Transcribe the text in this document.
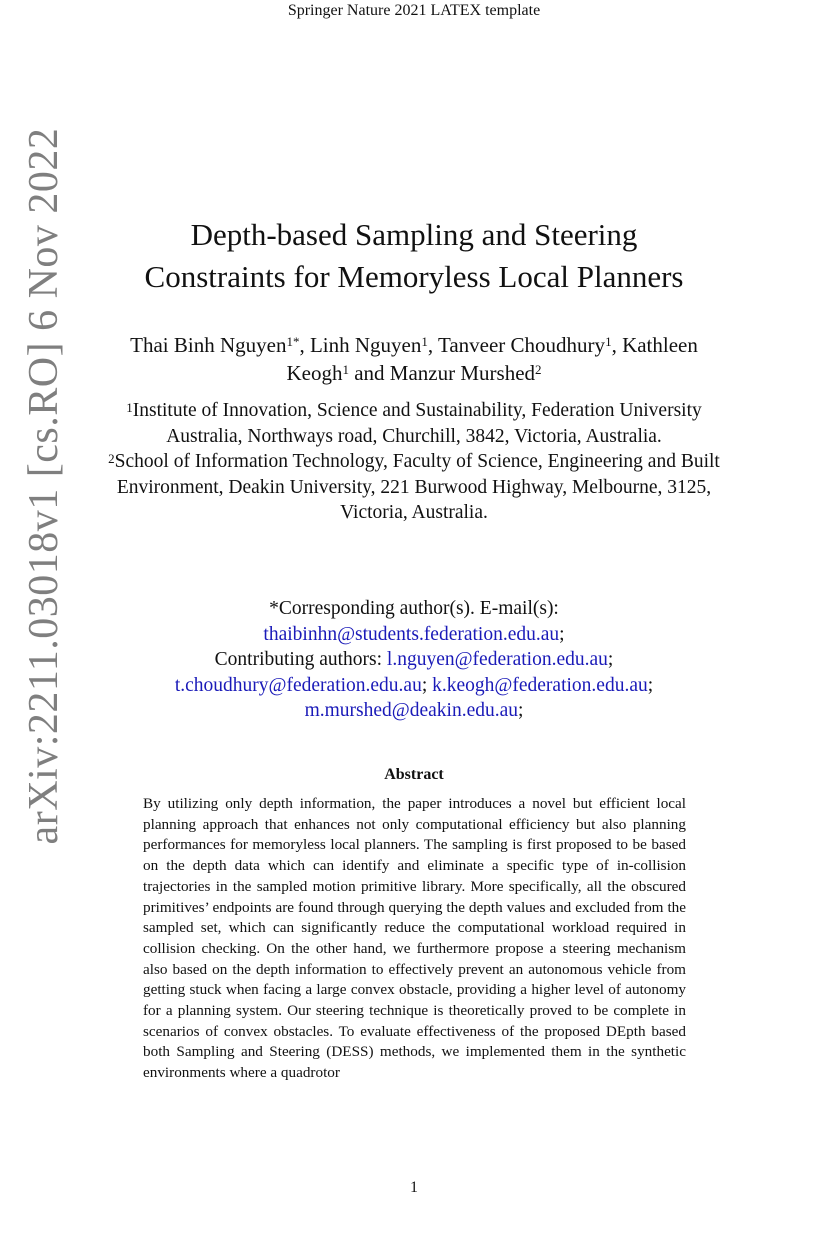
Springer Nature 2021 LATEX template
arXiv:2211.03018v1 [cs.RO] 6 Nov 2022	Depth-based Sampling and Steering
Constraints for Memoryless Local Planners
Thai Binh Nguyen$^{1*}$, Linh Nguyen$^1$, Tanveer Choudhury$^1$, Kathleen Keogh$^1$ and Manzur Murshed$^2$
$^1$Institute of Innovation, Science and Sustainability, Federation University Australia, Northways road, Churchill, 3842, Victoria, Australia.
$^2$School of Information Technology, Faculty of Science, Engineering and Built Environment, Deakin University, 221 Burwood Highway, Melbourne, 3125, Victoria, Australia.
*Corresponding author(s). E-mail(s):
thaibinhn@students.federation.edu.au;
Contributing authors: l.nguyen@federation.edu.au;
t.choudhury@federation.edu.au; k.keogh@federation.edu.au;
m.murshed@deakin.edu.au;
Abstract
By utilizing only depth information, the paper introduces a novel but efficient local planning approach that enhances not only computational efficiency but also planning performances for memoryless local planners. The sampling is first proposed to be based on the depth data which can identify and eliminate a specific type of in-collision trajectories in the sampled motion primitive library. More specifically, all the obscured primitives’ endpoints are found through querying the depth values and excluded from the sampled set, which can significantly reduce the computational workload required in collision checking. On the other hand, we furthermore propose a steering mechanism also based on the depth information to effectively prevent an autonomous vehicle from getting stuck when facing a large convex obstacle, providing a higher level of autonomy for a planning system. Our steering technique is theoretically proved to be complete in scenarios of convex obstacles. To evaluate effectiveness of the proposed DEpth based both Sampling and Steering (DESS) methods, we implemented them in the synthetic environments where a quadrotor
1
